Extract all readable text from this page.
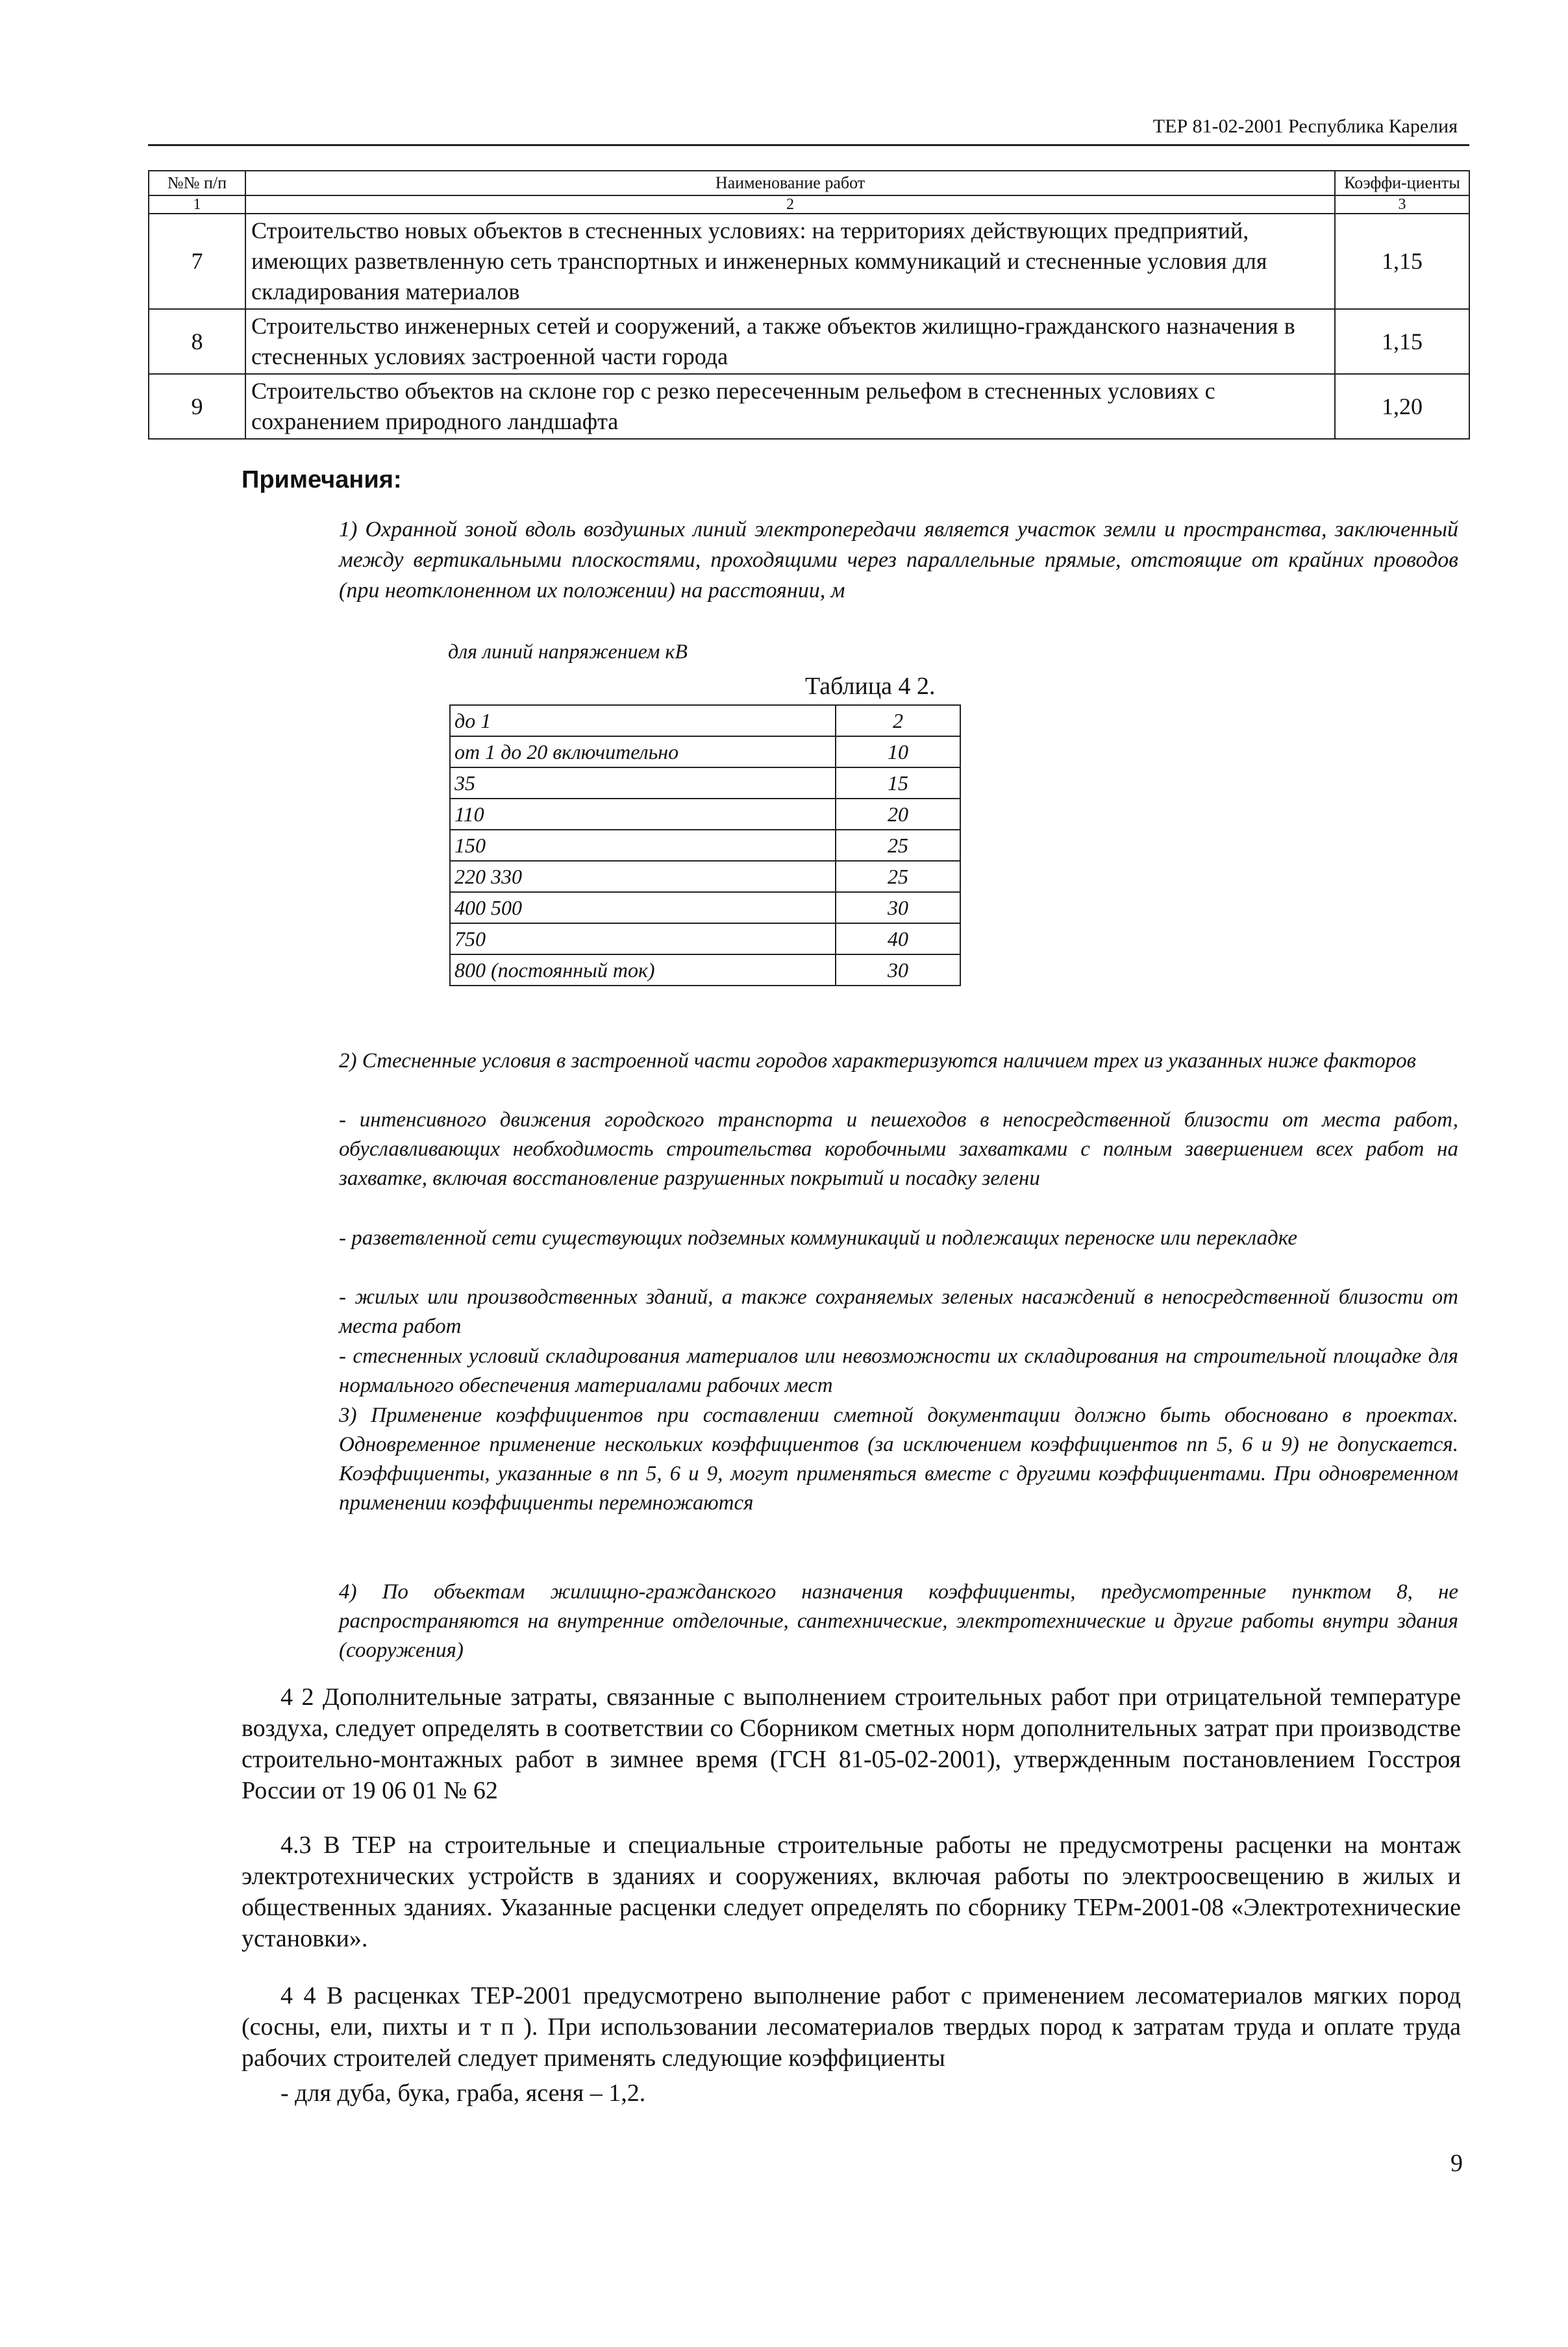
ТЕР 81-02-2001 Республика Карелия
№№ п/п	Наименование работ	Коэффи-циенты
1	2	3
7	Строительство новых объектов в стесненных условиях: на территориях действующих предприятий, имеющих разветвленную сеть транспортных и инженерных коммуникаций и стесненные условия для складирования материалов	1,15
8	Строительство инженерных сетей и сооружений, а также объектов жилищно-гражданского назначения в стесненных условиях застроенной части города	1,15
9	Строительство объектов на склоне гор с резко пересеченным рельефом в стесненных условиях с сохранением природного ландшафта	1,20
Примечания:
1) Охранной зоной вдоль воздушных линий электропередачи является участок земли и пространства, заключенный между вертикальными плоскостями, проходящими через параллельные прямые, отстоящие от крайних проводов (при неотклоненном их положении) на расстоянии, м
для линий напряжением кВ
Таблица 4 2.
до 1	2
от 1 до 20 включительно	10
35	15
110	20
150	25
220 330	25
400 500	30
750	40
800 (постоянный ток)	30
2) Стесненные условия в застроенной части городов характеризуются наличием трех из указанных ниже факторов
- интенсивного движения городского транспорта и пешеходов в непосредственной близости от места работ, обуславливающих необходимость строительства коробочными захватками с полным завершением всех работ на захватке, включая восстановление разрушенных покрытий и посадку зелени
- разветвленной сети существующих подземных коммуникаций и подлежащих переноске или перекладке
- жилых или производственных зданий, а также сохраняемых зеленых насаждений в непосредственной близости от места работ
- стесненных условий складирования материалов или невозможности их складирования на строительной площадке для нормального обеспечения материалами рабочих мест
3) Применение коэффициентов при составлении сметной документации должно быть обосновано в проектах. Одновременное применение нескольких коэффициентов (за исключением коэффициентов пп 5, 6 и 9) не допускается. Коэффициенты, указанные в пп 5, 6 и 9, могут применяться вместе с другими коэффициентами. При одновременном применении коэффициенты перемножаются
4) По объектам жилищно-гражданского назначения коэффициенты, предусмотренные пунктом 8, не распространяются на внутренние отделочные, сантехнические, электротехнические и другие работы внутри здания (сооружения)
4 2 Дополнительные затраты, связанные с выполнением строительных работ при отрицательной температуре воздуха, следует определять в соответствии со Сборником сметных норм дополнительных затрат при производстве строительно-монтажных работ в зимнее время (ГСН 81-05-02-2001), утвержденным постановлением Госстроя России от 19 06 01 № 62
4.3 В ТЕР на строительные и специальные строительные работы не предусмотрены расценки на монтаж электротехнических устройств в зданиях и сооружениях, включая работы по электроосвещению в жилых и общественных зданиях. Указанные расценки следует определять по сборнику ТЕРм-2001-08 «Электротехнические установки».
4 4 В расценках ТЕР-2001 предусмотрено выполнение работ с применением лесоматериалов мягких пород (сосны, ели, пихты и т п ). При использовании лесоматериалов твердых пород к затратам труда и оплате труда рабочих строителей следует применять следующие коэффициенты
- для дуба, бука, граба, ясеня – 1,2.
9
